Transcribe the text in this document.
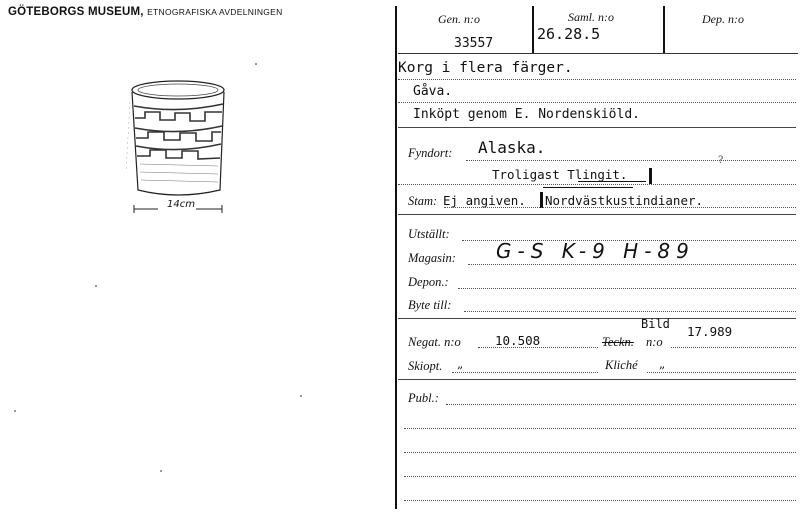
GÖTEBORGS MUSEUM, ETNOGRAFISKA AVDELNINGEN
14cm
Gen. n:o
33557
Saml. n:o
26.28.5
Dep. n:o
Korg i flera färger.
Gåva.
Inköpt genom E. Nordenskiöld.
Fyndort: Alaska.
Troligast Tlingit.
?
Stam: Ej angiven. Nordvästkustindianer.
Utställt:
Magasin: G-S K-9 H-89
Depon.:
Byte till:
Negat. n:o	10.508
Bild
Teckn. n:o
17.989
Skiopt. „	Kliché „
Publ.:
